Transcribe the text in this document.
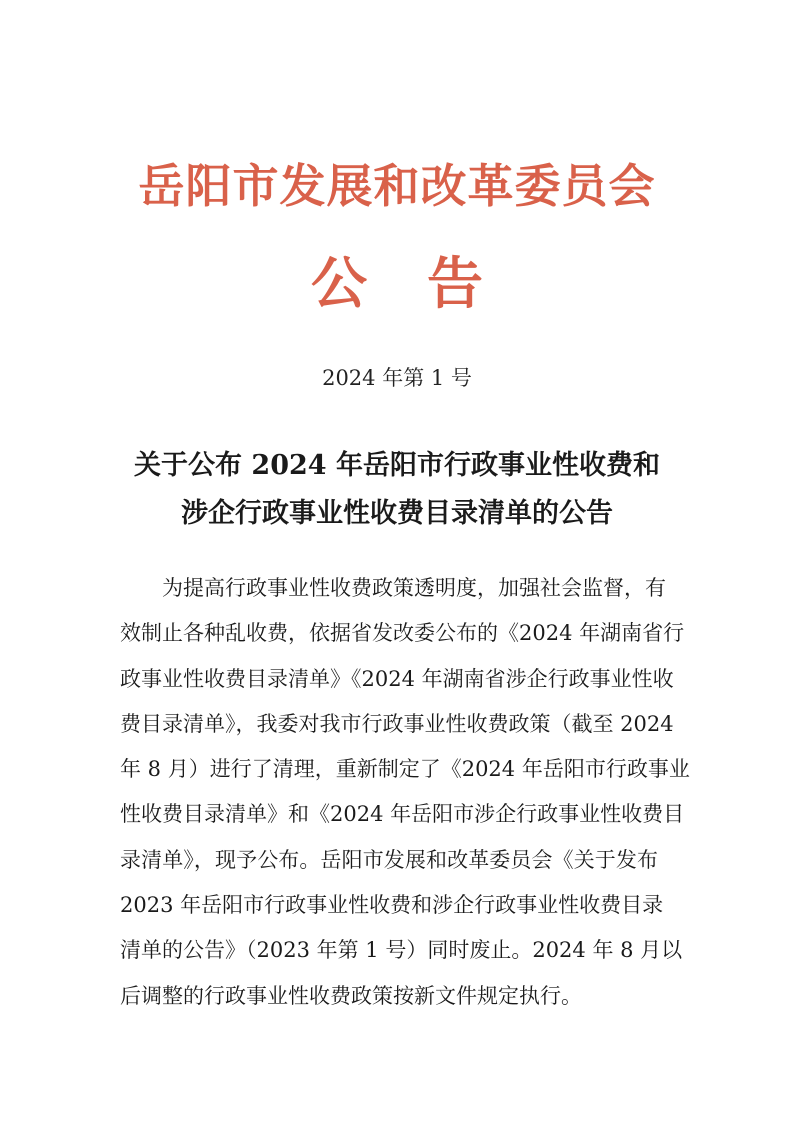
岳阳市发展和改革委员会
公告
2024 年第 1 号
关于公布 2024 年岳阳市行政事业性收费和
涉企行政事业性收费目录清单的公告
为提高行政事业性收费政策透明度，加强社会监督，有
效制止各种乱收费，依据省发改委公布的《2024 年湖南省行
政事业性收费目录清单》《2024 年湖南省涉企行政事业性收
费目录清单》，我委对我市行政事业性收费政策（截至 2024
年 8 月）进行了清理，重新制定了《2024 年岳阳市行政事业
性收费目录清单》和《2024 年岳阳市涉企行政事业性收费目
录清单》，现予公布。岳阳市发展和改革委员会《关于发布
2023 年岳阳市行政事业性收费和涉企行政事业性收费目录
清单的公告》（2023 年第 1 号）同时废止。2024 年 8 月以
后调整的行政事业性收费政策按新文件规定执行。
